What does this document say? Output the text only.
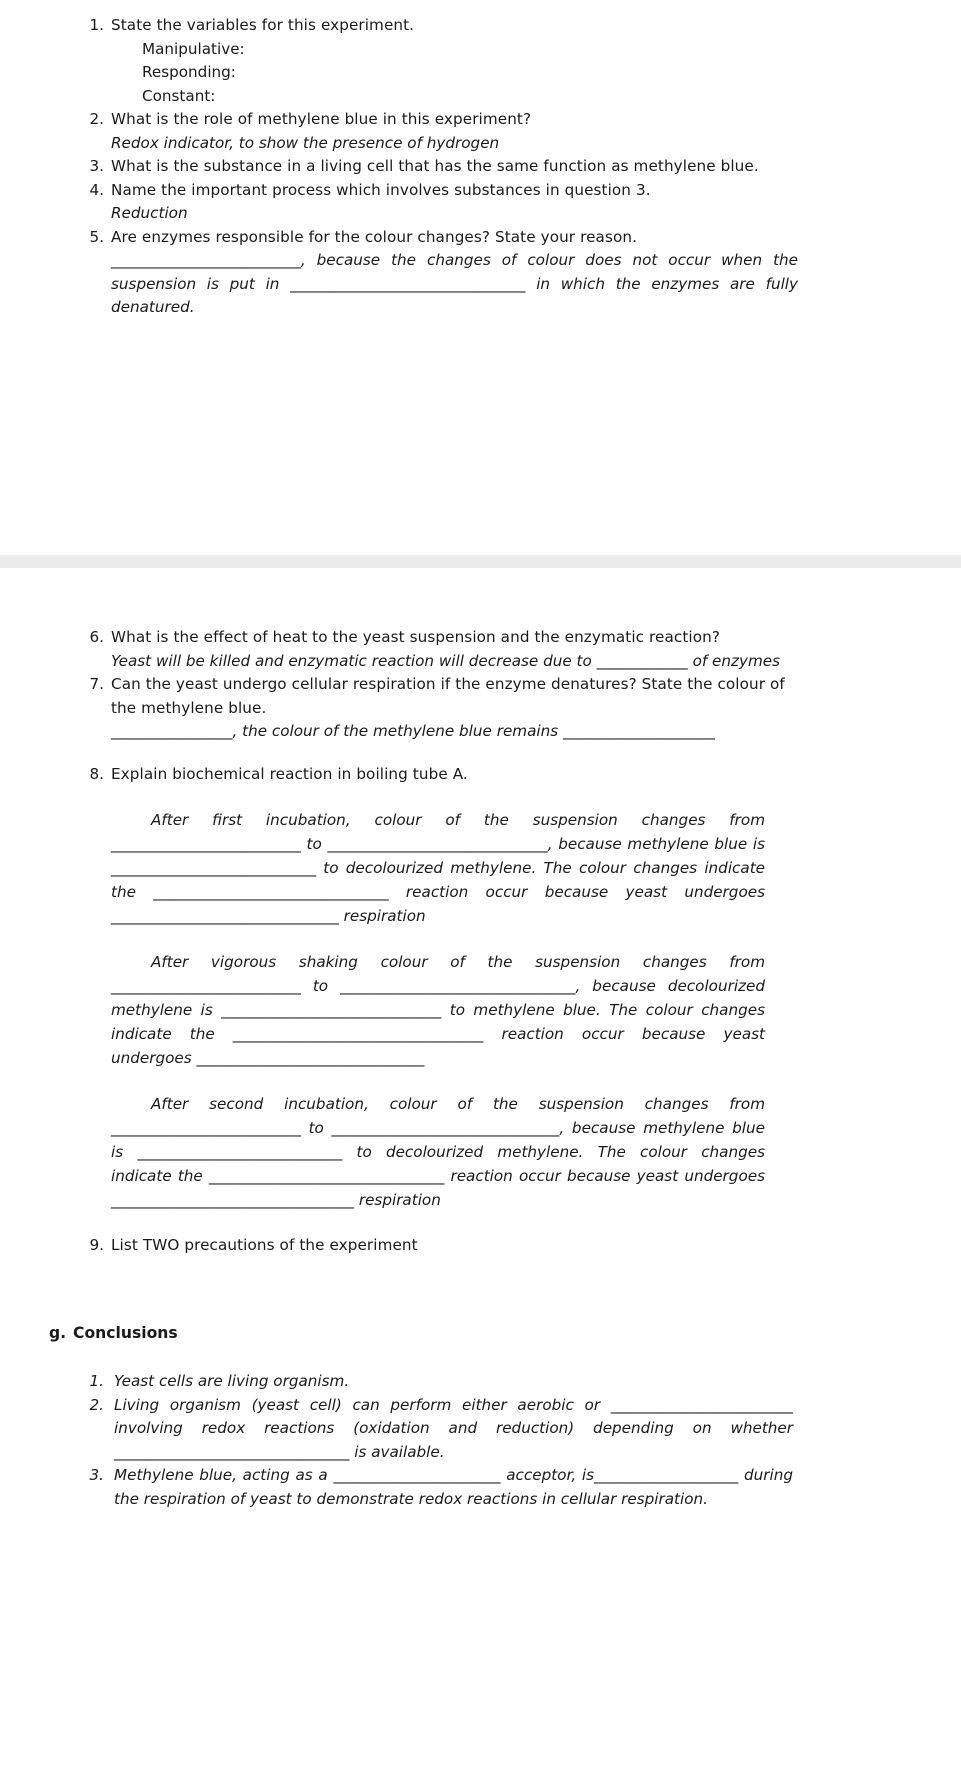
1. State the variables for this experiment.
Manipulative:
Responding:
Constant:
2. What is the role of methylene blue in this experiment?
Redox indicator, to show the presence of hydrogen
3. What is the substance in a living cell that has the same function as methylene blue.
4. Name the important process which involves substances in question 3.
Reduction
5. Are enzymes responsible for the colour changes? State your reason.
_________________________, because the changes of colour does not occur when the suspension is put in _______________________________ in which the enzymes are fully denatured.
6. What is the effect of heat to the yeast suspension and the enzymatic reaction?
Yeast will be killed and enzymatic reaction will decrease due to ____________ of enzymes
7. Can the yeast undergo cellular respiration if the enzyme denatures? State the colour of the methylene blue.
________________, the colour of the methylene blue remains ____________________
8. Explain biochemical reaction in boiling tube A.
After first incubation, colour of the suspension changes from _________________________ to _____________________________, because methylene blue is ___________________________ to decolourized methylene. The colour changes indicate the _______________________________ reaction occur because yeast undergoes ______________________________ respiration
After vigorous shaking colour of the suspension changes from _________________________ to _______________________________, because decolourized methylene is _____________________________ to methylene blue. The colour changes indicate the _________________________________ reaction occur because yeast undergoes ______________________________
After second incubation, colour of the suspension changes from _________________________ to ______________________________, because methylene blue is ___________________________ to decolourized methylene. The colour changes indicate the _______________________________ reaction occur because yeast undergoes ________________________________ respiration
9. List TWO precautions of the experiment
g. Conclusions
1. Yeast cells are living organism.
2. Living organism (yeast cell) can perform either aerobic or ________________________ involving redox reactions (oxidation and reduction) depending on whether _______________________________ is available.
3. Methylene blue, acting as a ______________________ acceptor, is___________________ during the respiration of yeast to demonstrate redox reactions in cellular respiration.
